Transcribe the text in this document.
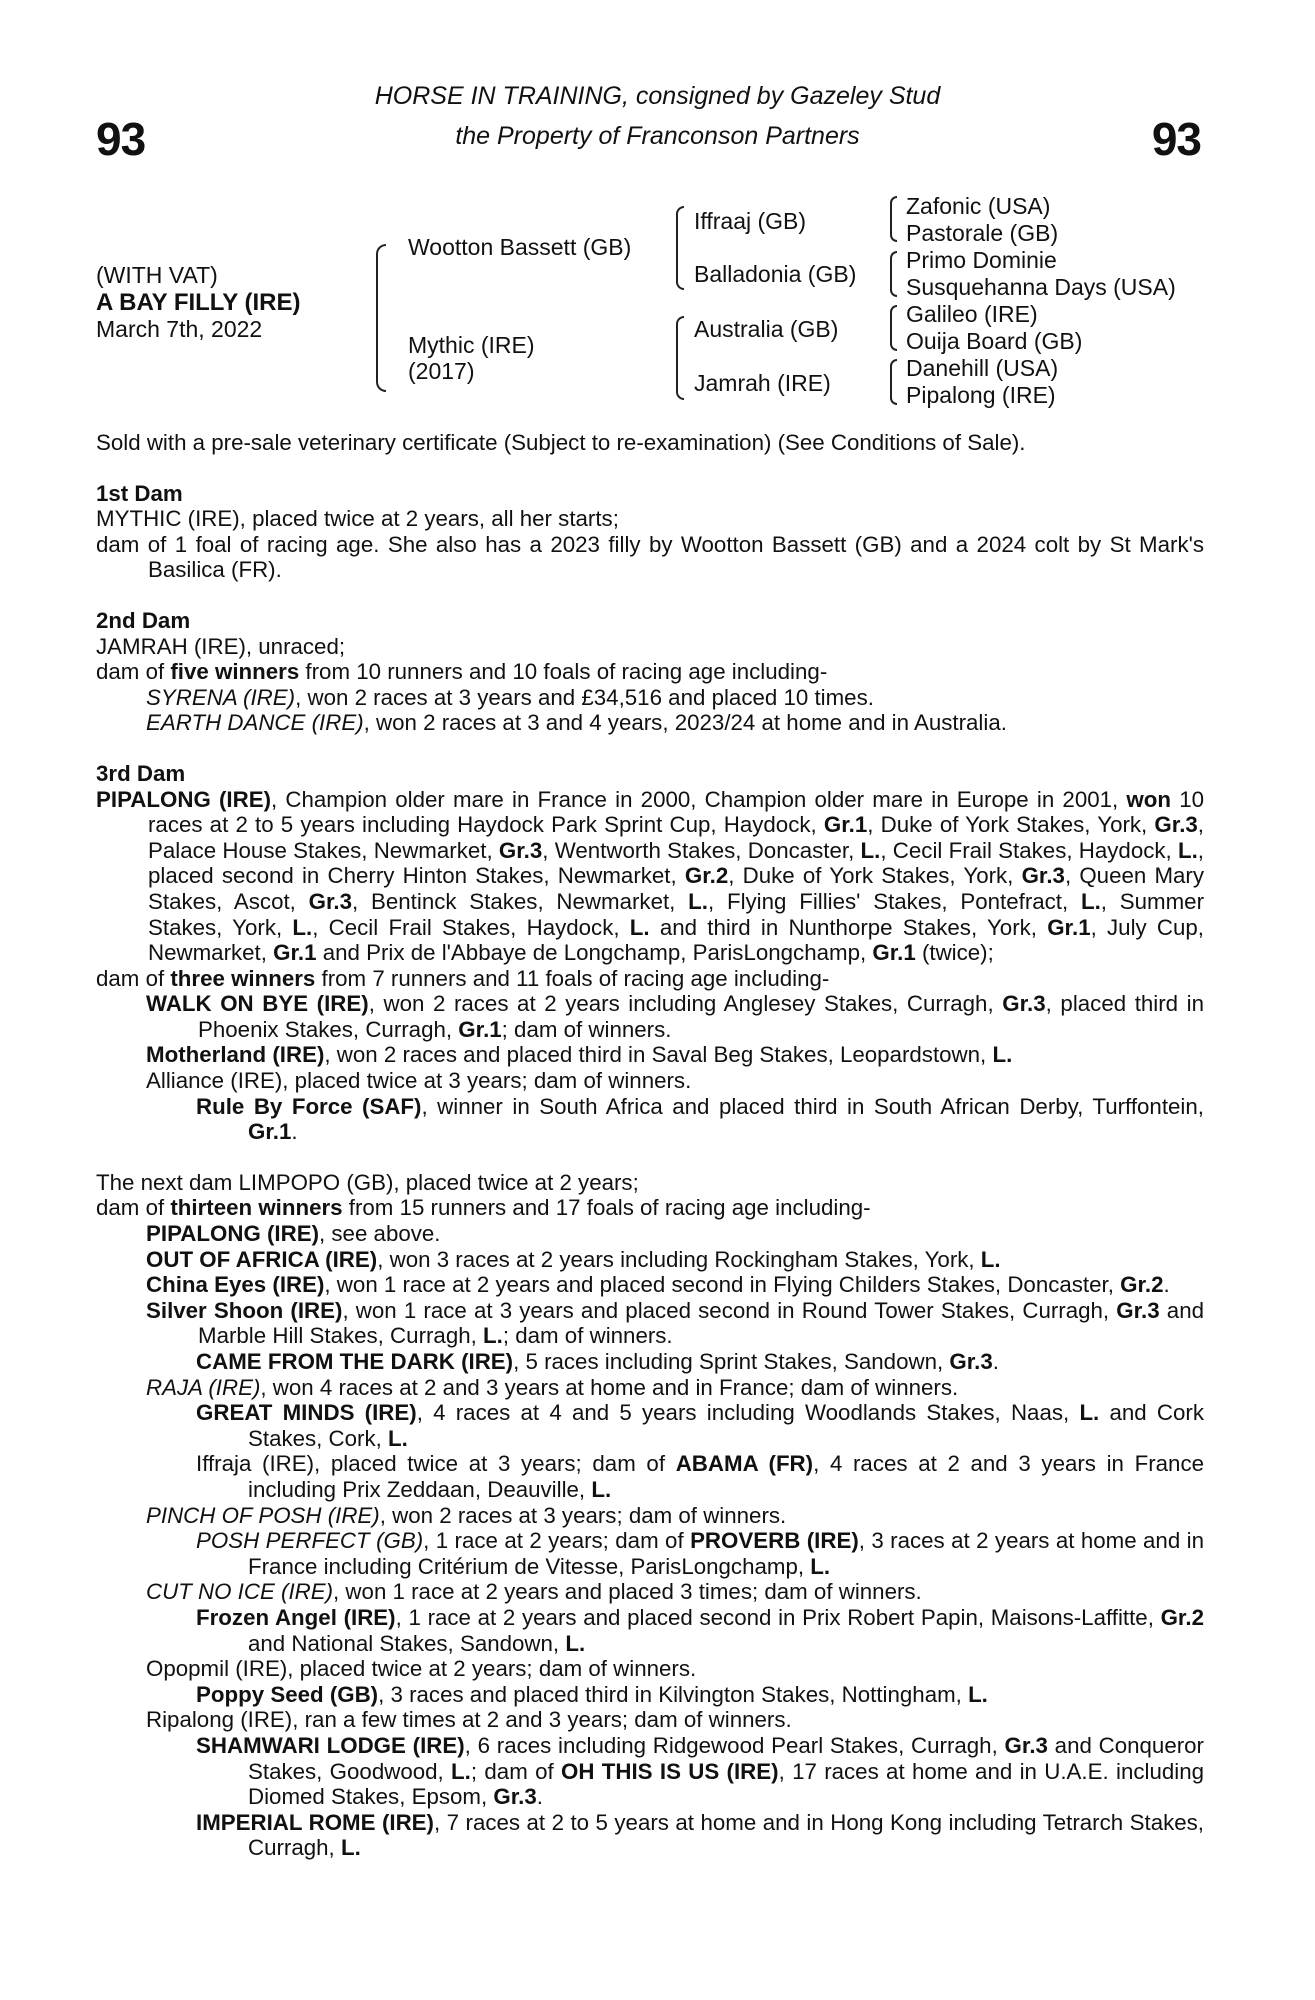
93	93
HORSE IN TRAINING, consigned by Gazeley Stud
the Property of Franconson Partners
(WITH VAT)
A BAY FILLY (IRE)
March 7th, 2022
Wootton Bassett (GB)
Mythic (IRE)
(2017)
Iffraaj (GB)
Balladonia (GB)
Australia (GB)
Jamrah (IRE)
Zafonic (USA)
Pastorale (GB)
Primo Dominie
Susquehanna Days (USA)
Galileo (IRE)
Ouija Board (GB)
Danehill (USA)
Pipalong (IRE)

Sold with a pre-sale veterinary certificate (Subject to re-examination) (See Conditions of Sale).

1st Dam

MYTHIC (IRE), placed twice at 2 years, all her starts;

dam of 1 foal of racing age. She also has a 2023 filly by Wootton Bassett (GB) and a 2024 colt by St Mark's Basilica (FR).

2nd Dam

JAMRAH (IRE), unraced;

dam of five winners from 10 runners and 10 foals of racing age including-

SYRENA (IRE), won 2 races at 3 years and £34,516 and placed 10 times.

EARTH DANCE (IRE), won 2 races at 3 and 4 years, 2023/24 at home and in Australia.

3rd Dam

PIPALONG (IRE), Champion older mare in France in 2000, Champion older mare in Europe in 2001, won 10 races at 2 to 5 years including Haydock Park Sprint Cup, Haydock, Gr.1, Duke of York Stakes, York, Gr.3, Palace House Stakes, Newmarket, Gr.3, Wentworth Stakes, Doncaster, L., Cecil Frail Stakes, Haydock, L., placed second in Cherry Hinton Stakes, Newmarket, Gr.2, Duke of York Stakes, York, Gr.3, Queen Mary Stakes, Ascot, Gr.3, Bentinck Stakes, Newmarket, L., Flying Fillies' Stakes, Pontefract, L., Summer Stakes, York, L., Cecil Frail Stakes, Haydock, L. and third in Nunthorpe Stakes, York, Gr.1, July Cup, Newmarket, Gr.1 and Prix de l'Abbaye de Longchamp, ParisLongchamp, Gr.1 (twice);

dam of three winners from 7 runners and 11 foals of racing age including-

WALK ON BYE (IRE), won 2 races at 2 years including Anglesey Stakes, Curragh, Gr.3, placed third in Phoenix Stakes, Curragh, Gr.1; dam of winners.

Motherland (IRE), won 2 races and placed third in Saval Beg Stakes, Leopardstown, L.

Alliance (IRE), placed twice at 3 years; dam of winners.

Rule By Force (SAF), winner in South Africa and placed third in South African Derby, Turffontein, Gr.1.

The next dam LIMPOPO (GB), placed twice at 2 years;

dam of thirteen winners from 15 runners and 17 foals of racing age including-

PIPALONG (IRE), see above.

OUT OF AFRICA (IRE), won 3 races at 2 years including Rockingham Stakes, York, L.

China Eyes (IRE), won 1 race at 2 years and placed second in Flying Childers Stakes, Doncaster, Gr.2.

Silver Shoon (IRE), won 1 race at 3 years and placed second in Round Tower Stakes, Curragh, Gr.3 and Marble Hill Stakes, Curragh, L.; dam of winners.

CAME FROM THE DARK (IRE), 5 races including Sprint Stakes, Sandown, Gr.3.

RAJA (IRE), won 4 races at 2 and 3 years at home and in France; dam of winners.

GREAT MINDS (IRE), 4 races at 4 and 5 years including Woodlands Stakes, Naas, L. and Cork Stakes, Cork, L.

Iffraja (IRE), placed twice at 3 years; dam of ABAMA (FR), 4 races at 2 and 3 years in France including Prix Zeddaan, Deauville, L.

PINCH OF POSH (IRE), won 2 races at 3 years; dam of winners.

POSH PERFECT (GB), 1 race at 2 years; dam of PROVERB (IRE), 3 races at 2 years at home and in France including Critérium de Vitesse, ParisLongchamp, L.

CUT NO ICE (IRE), won 1 race at 2 years and placed 3 times; dam of winners.

Frozen Angel (IRE), 1 race at 2 years and placed second in Prix Robert Papin, Maisons-Laffitte, Gr.2 and National Stakes, Sandown, L.

Opopmil (IRE), placed twice at 2 years; dam of winners.

Poppy Seed (GB), 3 races and placed third in Kilvington Stakes, Nottingham, L.

Ripalong (IRE), ran a few times at 2 and 3 years; dam of winners.

SHAMWARI LODGE (IRE), 6 races including Ridgewood Pearl Stakes, Curragh, Gr.3 and Conqueror Stakes, Goodwood, L.; dam of OH THIS IS US (IRE), 17 races at home and in U.A.E. including Diomed Stakes, Epsom, Gr.3.

IMPERIAL ROME (IRE), 7 races at 2 to 5 years at home and in Hong Kong including Tetrarch Stakes, Curragh, L.
